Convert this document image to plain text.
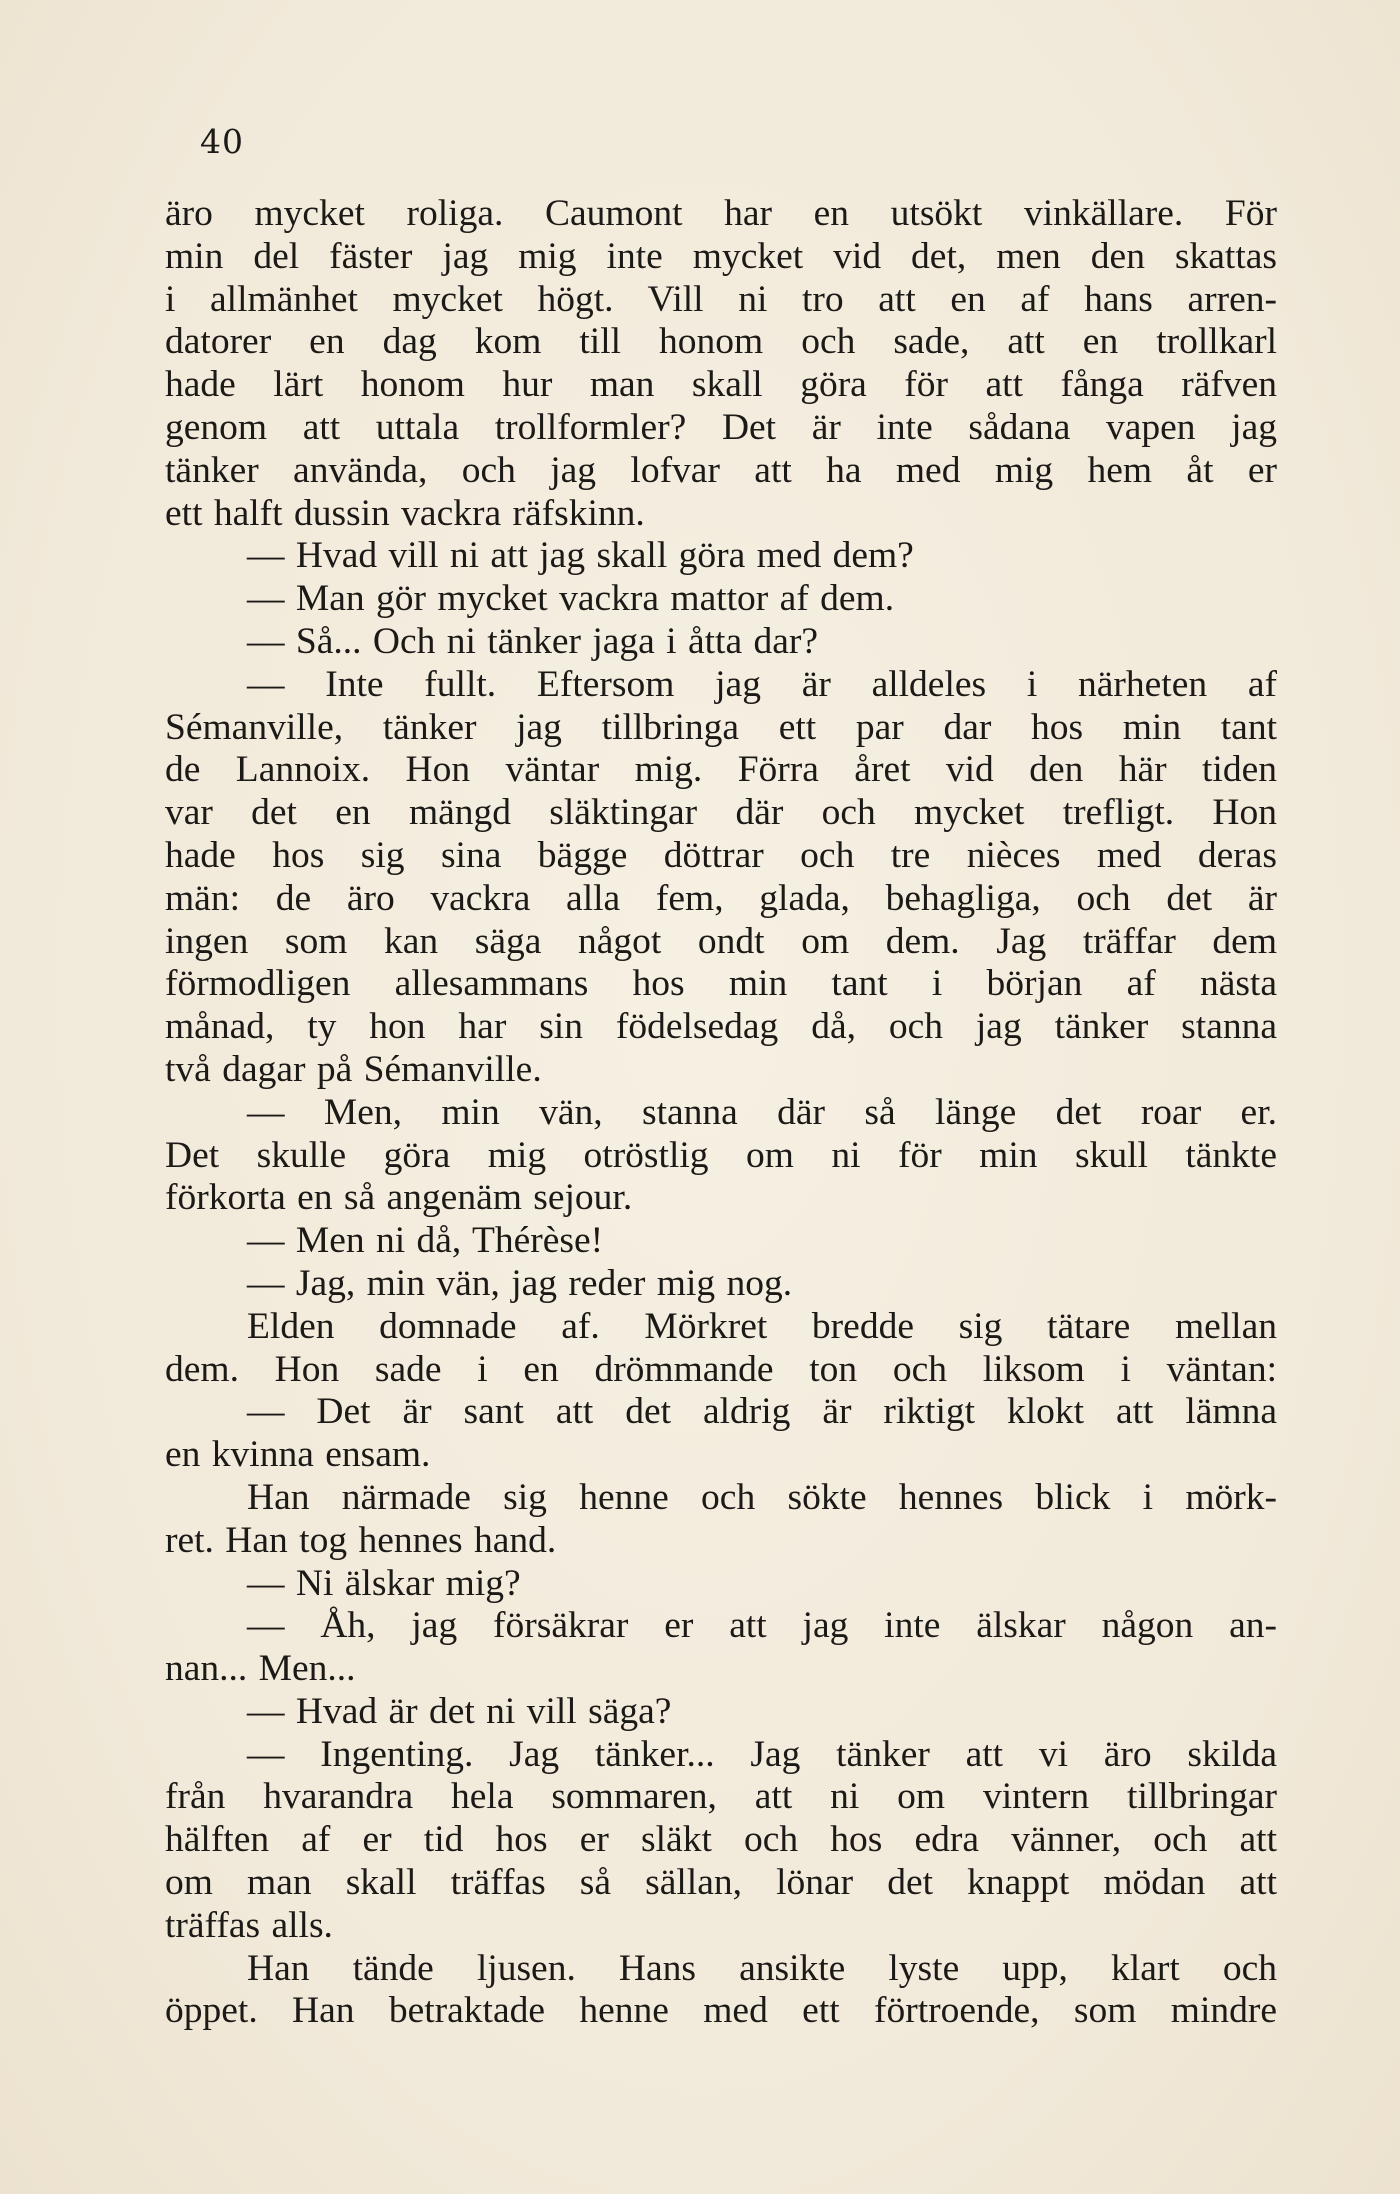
40
äro mycket roliga. Caumont har en utsökt vinkällare. För
min del fäster jag mig inte mycket vid det, men den skattas
i allmänhet mycket högt. Vill ni tro att en af hans arren-
datorer en dag kom till honom och sade, att en trollkarl
hade lärt honom hur man skall göra för att fånga räfven
genom att uttala trollformler? Det är inte sådana vapen jag
tänker använda, och jag lofvar att ha med mig hem åt er
ett halft dussin vackra räfskinn.
— Hvad vill ni att jag skall göra med dem?
— Man gör mycket vackra mattor af dem.
— Så... Och ni tänker jaga i åtta dar?
— Inte fullt. Eftersom jag är alldeles i närheten af
Sémanville, tänker jag tillbringa ett par dar hos min tant
de Lannoix. Hon väntar mig. Förra året vid den här tiden
var det en mängd släktingar där och mycket trefligt. Hon
hade hos sig sina bägge döttrar och tre nièces med deras
män: de äro vackra alla fem, glada, behagliga, och det är
ingen som kan säga något ondt om dem. Jag träffar dem
förmodligen allesammans hos min tant i början af nästa
månad, ty hon har sin födelsedag då, och jag tänker stanna
två dagar på Sémanville.
— Men, min vän, stanna där så länge det roar er.
Det skulle göra mig otröstlig om ni för min skull tänkte
förkorta en så angenäm sejour.
— Men ni då, Thérèse!
— Jag, min vän, jag reder mig nog.
Elden domnade af. Mörkret bredde sig tätare mellan
dem. Hon sade i en drömmande ton och liksom i väntan:
— Det är sant att det aldrig är riktigt klokt att lämna
en kvinna ensam.
Han närmade sig henne och sökte hennes blick i mörk-
ret. Han tog hennes hand.
— Ni älskar mig?
— Åh, jag försäkrar er att jag inte älskar någon an-
nan... Men...
— Hvad är det ni vill säga?
— Ingenting. Jag tänker... Jag tänker att vi äro skilda
från hvarandra hela sommaren, att ni om vintern tillbringar
hälften af er tid hos er släkt och hos edra vänner, och att
om man skall träffas så sällan, lönar det knappt mödan att
träffas alls.
Han tände ljusen. Hans ansikte lyste upp, klart och
öppet. Han betraktade henne med ett förtroende, som mindre
